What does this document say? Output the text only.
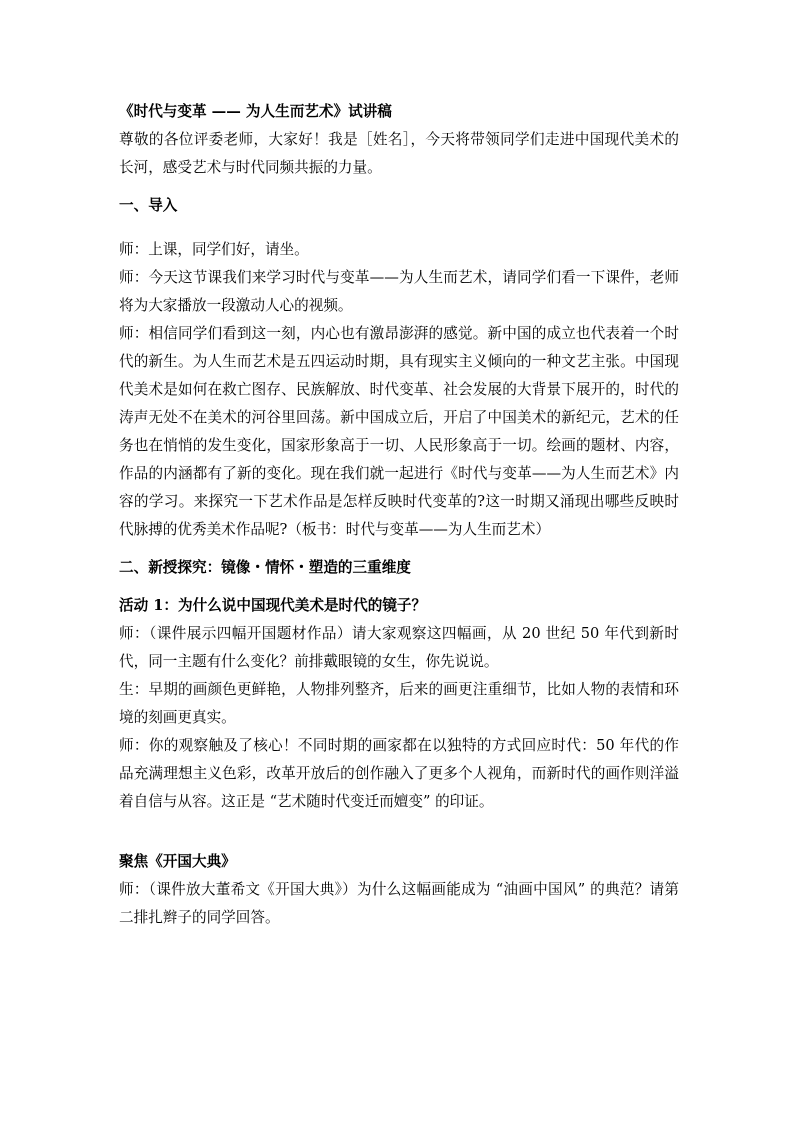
《时代与变革 —— 为人生而艺术》试讲稿

尊敬的各位评委老师，大家好！我是［姓名］，今天将带领同学们走进中国现代美术的长河，感受艺术与时代同频共振的力量。

一、导入

师：上课，同学们好，请坐。

师：今天这节课我们来学习时代与变革——为人生而艺术，请同学们看一下课件，老师将为大家播放一段激动人心的视频。

师：相信同学们看到这一刻，内心也有激昂澎湃的感觉。新中国的成立也代表着一个时代的新生。为人生而艺术是五四运动时期，具有现实主义倾向的一种文艺主张。中国现代美术是如何在救亡图存、民族解放、时代变革、社会发展的大背景下展开的，时代的涛声无处不在美术的河谷里回荡。新中国成立后，开启了中国美术的新纪元，艺术的任务也在悄悄的发生变化，国家形象高于一切、人民形象高于一切。绘画的题材、内容，作品的内涵都有了新的变化。现在我们就一起进行《时代与变革——为人生而艺术》内容的学习。来探究一下艺术作品是怎样反映时代变革的?这一时期又涌现出哪些反映时代脉搏的优秀美术作品呢?（板书：时代与变革——为人生而艺术）

二、新授探究：镜像・情怀・塑造的三重维度

活动 1：为什么说中国现代美术是时代的镜子？

师：（课件展示四幅开国题材作品）请大家观察这四幅画，从 20 世纪 50 年代到新时代，同一主题有什么变化？前排戴眼镜的女生，你先说说。

生：早期的画颜色更鲜艳，人物排列整齐，后来的画更注重细节，比如人物的表情和环境的刻画更真实。

师：你的观察触及了核心！不同时期的画家都在以独特的方式回应时代：50 年代的作品充满理想主义色彩，改革开放后的创作融入了更多个人视角，而新时代的画作则洋溢着自信与从容。这正是 “艺术随时代变迁而嬗变” 的印证。

聚焦《开国大典》

师：（课件放大董希文《开国大典》）为什么这幅画能成为 “油画中国风” 的典范？请第二排扎辫子的同学回答。
